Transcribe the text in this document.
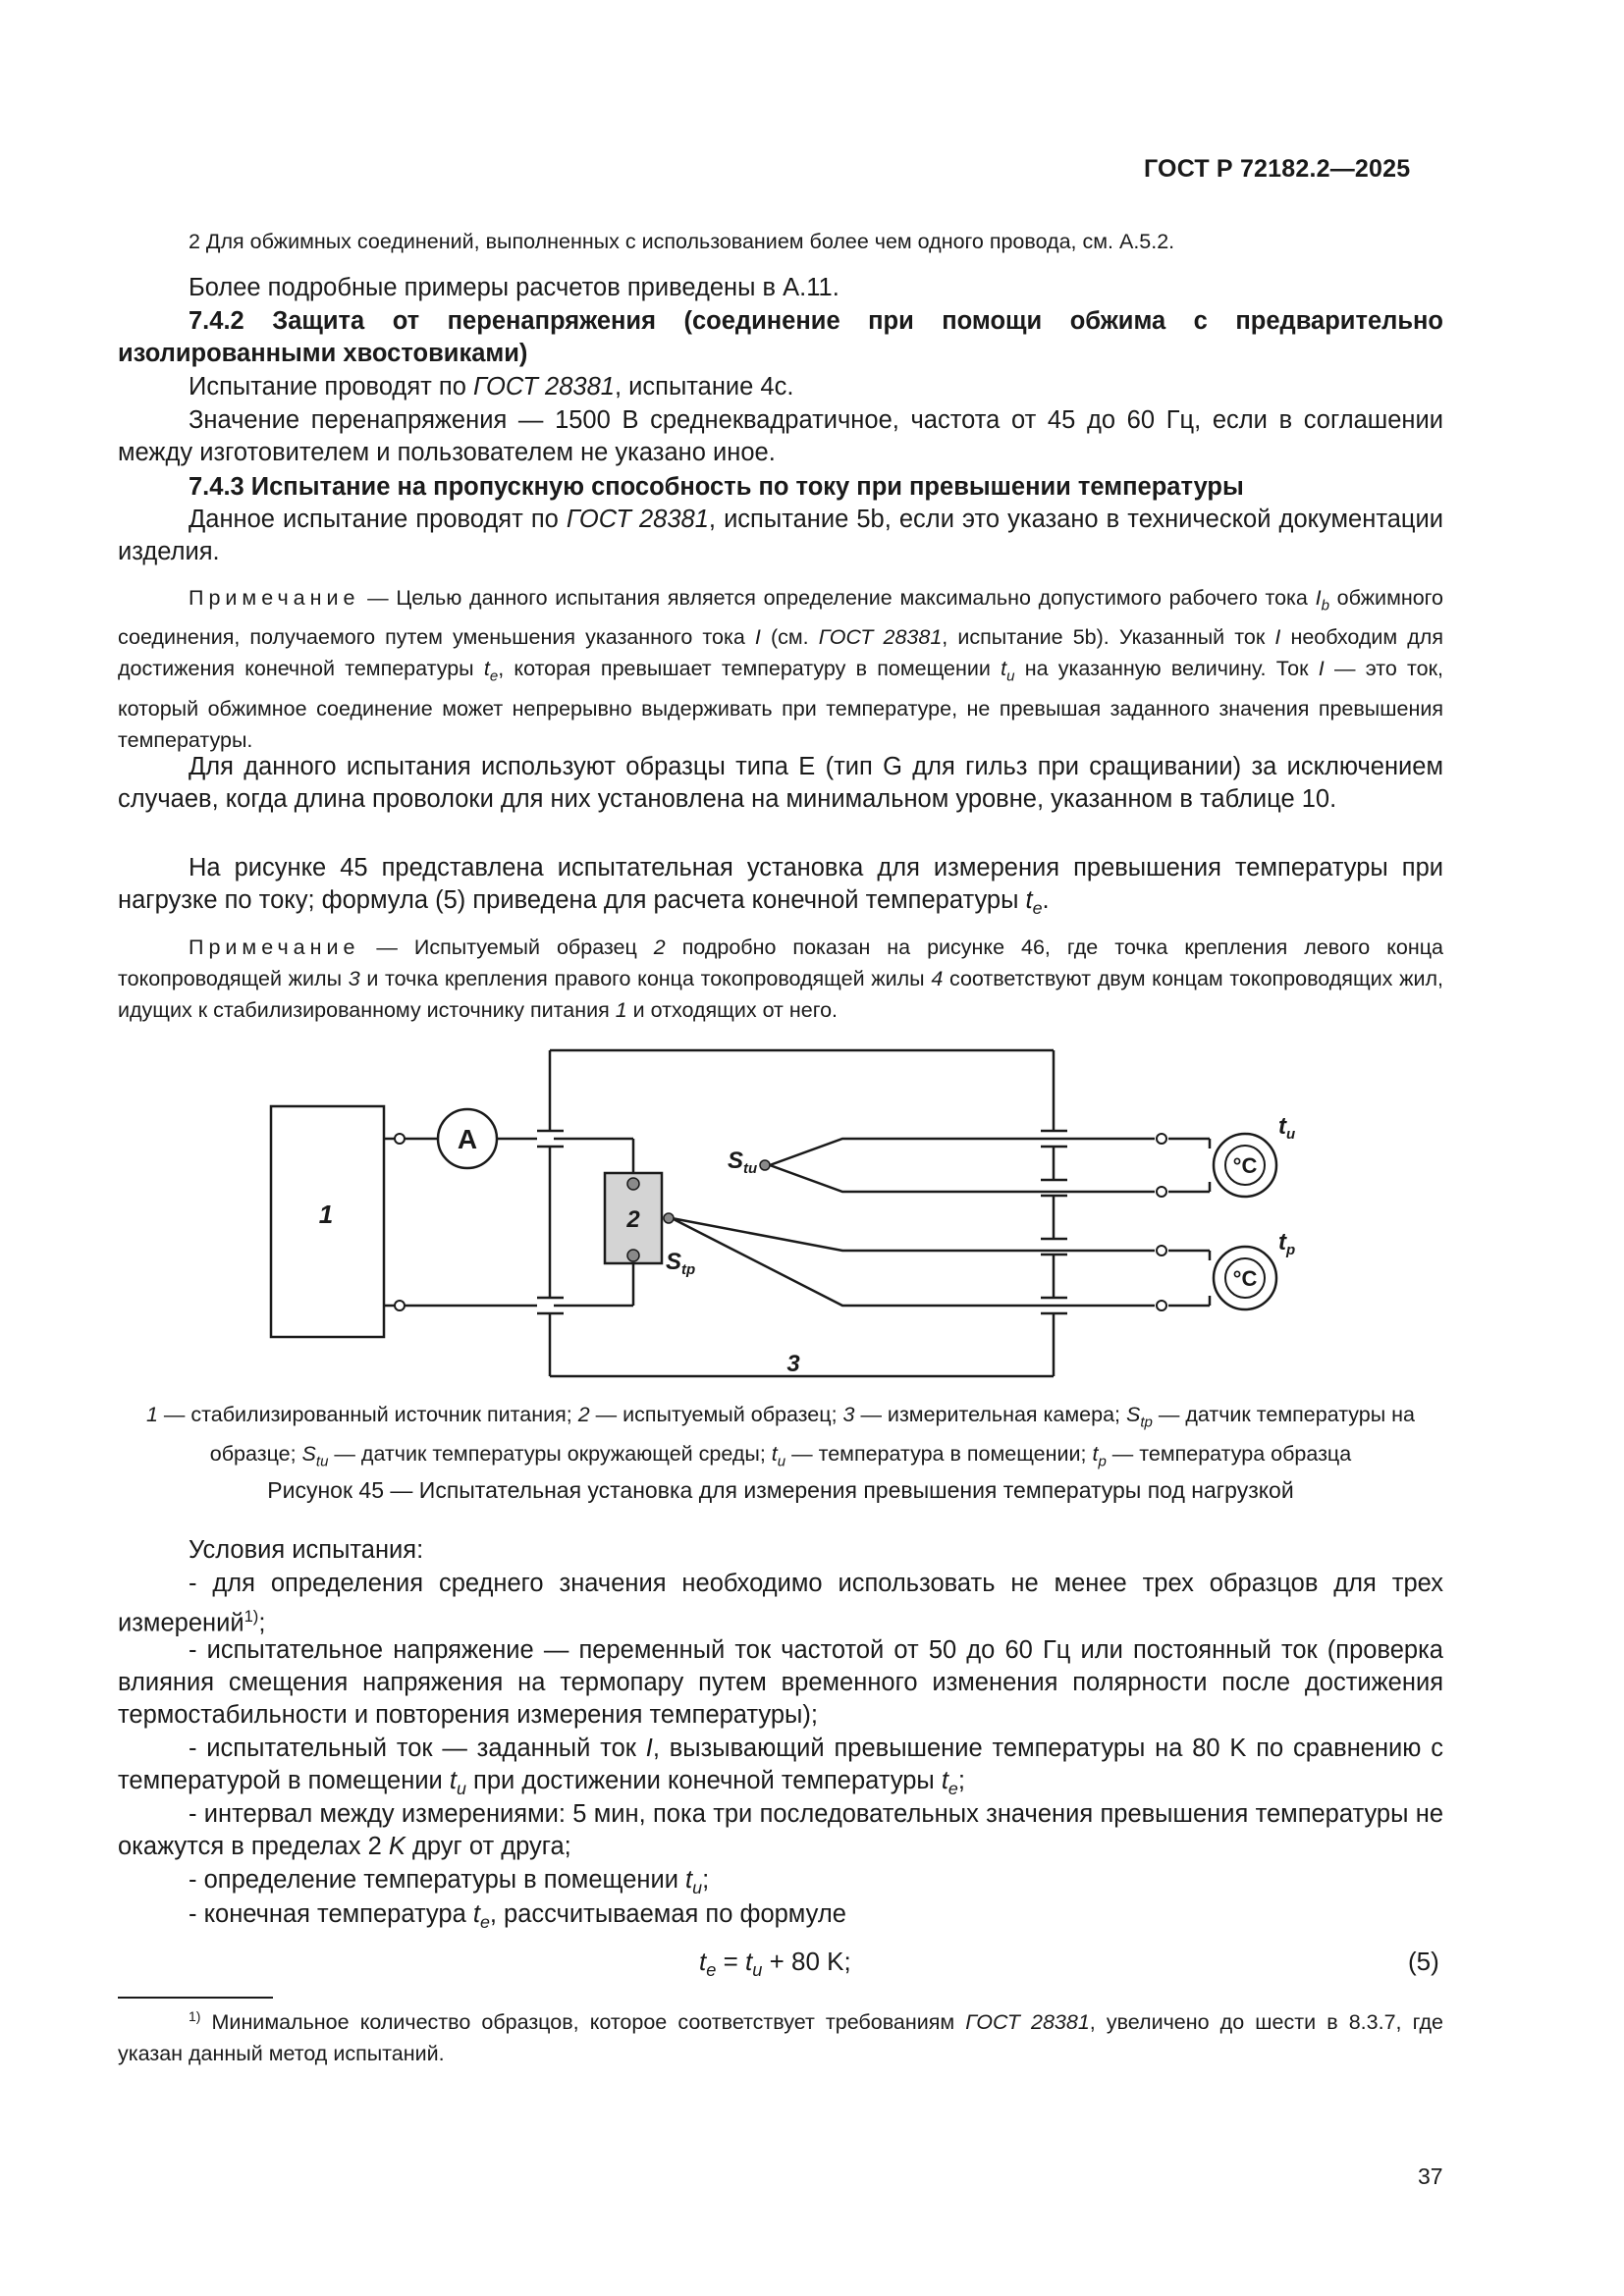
ГОСТ Р 72182.2—2025
2 Для обжимных соединений, выполненных с использованием более чем одного провода, см. А.5.2.
Более подробные примеры расчетов приведены в А.11.
7.4.2 Защита от перенапряжения (соединение при помощи обжима с предварительно изолированными хвостовиками)
Испытание проводят по ГОСТ 28381, испытание 4с.
Значение перенапряжения — 1500 В среднеквадратичное, частота от 45 до 60 Гц, если в соглашении между изготовителем и пользователем не указано иное.
7.4.3 Испытание на пропускную способность по току при превышении температуры
Данное испытание проводят по ГОСТ 28381, испытание 5b, если это указано в технической документации изделия.
Примечание — Целью данного испытания является определение максимально допустимого рабочего тока $I_b$ обжимного соединения, получаемого путем уменьшения указанного тока I (см. ГОСТ 28381, испытание 5b). Указанный ток I необходим для достижения конечной температуры $t_e$, которая превышает температуру в помещении $t_u$ на указанную величину. Ток I — это ток, который обжимное соединение может непрерывно выдерживать при температуре, не превышая заданного значения превышения температуры.
Для данного испытания используют образцы типа E (тип G для гильз при сращивании) за исключением случаев, когда длина проволоки для них установлена на минимальном уровне, указанном в таблице 10.
На рисунке 45 представлена испытательная установка для измерения превышения температуры при нагрузке по току; формула (5) приведена для расчета конечной температуры $t_e$.
Примечание — Испытуемый образец 2 подробно показан на рисунке 46, где точка крепления левого конца токопроводящей жилы 3 и точка крепления правого конца токопроводящей жилы 4 соответствуют двум концам токопроводящих жил, идущих к стабилизированному источнику питания 1 и отходящих от него.
A
°C
°C
1	2
3
$S_{tu}$
$S_{tp}$
$t_u$
$t_p$
1 — стабилизированный источник питания; 2 — испытуемый образец; 3 — измерительная камера; $S_{tp}$ — датчик температуры на образце; $S_{tu}$ — датчик температуры окружающей среды; $t_u$ — температура в помещении; $t_p$ — температура образца
Рисунок 45 — Испытательная установка для измерения превышения температуры под нагрузкой
Условия испытания:
- для определения среднего значения необходимо использовать не менее трех образцов для трех измерений$^{1)}$;
- испытательное напряжение — переменный ток частотой от 50 до 60 Гц или постоянный ток (проверка влияния смещения напряжения на термопару путем временного изменения полярности после достижения термостабильности и повторения измерения температуры);
- испытательный ток — заданный ток I, вызывающий превышение температуры на 80 K по сравнению с температурой в помещении $t_u$ при достижении конечной температуры $t_e$;
- интервал между измерениями: 5 мин, пока три последовательных значения превышения температуры не окажутся в пределах 2 K друг от друга;
- определение температуры в помещении $t_u$;
- конечная температура $t_e$, рассчитываемая по формуле
$t_e = t_u + 80$ K;	(5)
$^{1)}$ Минимальное количество образцов, которое соответствует требованиям ГОСТ 28381, увеличено до шести в 8.3.7, где указан данный метод испытаний.
37
